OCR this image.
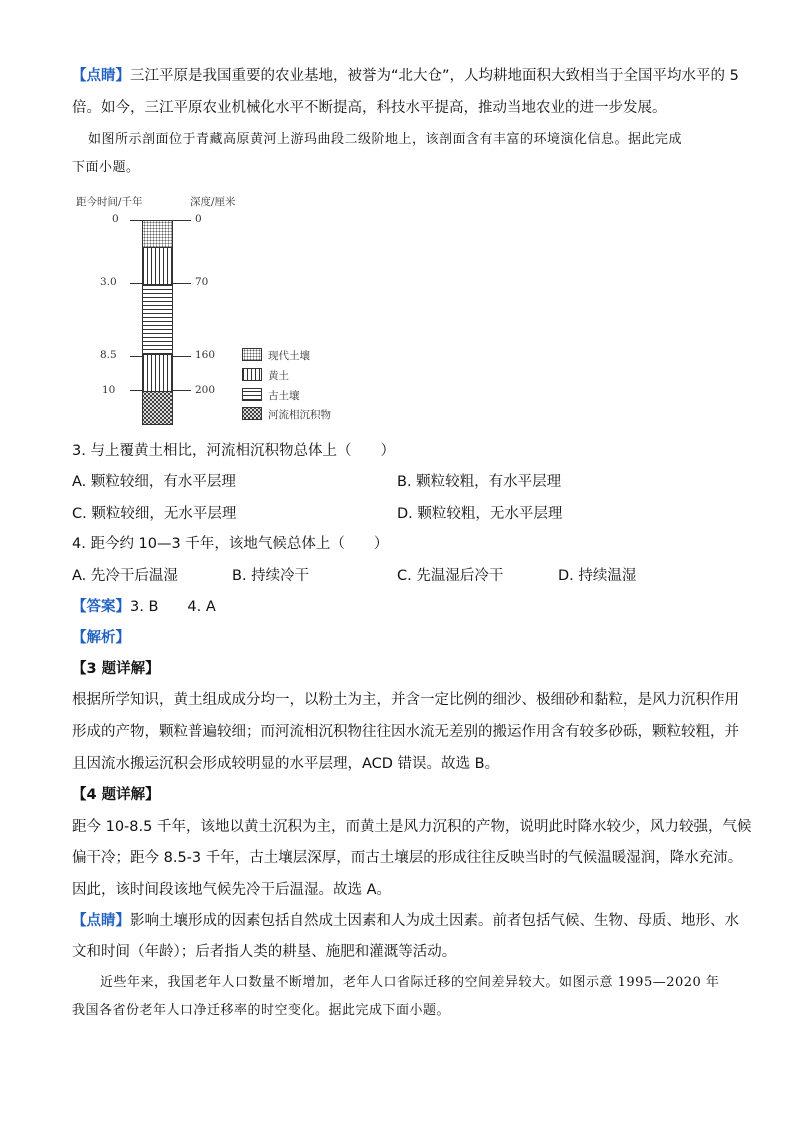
【点睛】三江平原是我国重要的农业基地，被誉为“北大仓”，人均耕地面积大致相当于全国平均水平的 5
倍。如今，三江平原农业机械化水平不断提高，科技水平提高，推动当地农业的进一步发展。
如图所示剖面位于青藏高原黄河上游玛曲段二级阶地上，该剖面含有丰富的环境演化信息。据此完成
下面小题。
距今时间/千年	深度/厘米
0
3.0
8.5
10
0
70
160
200
现代土壤
黄土
古土壤
河流相沉积物
3. 与上覆黄土相比，河流相沉积物总体上（　　）
A. 颗粒较细，有水平层理	B. 颗粒较粗，有水平层理
C. 颗粒较细，无水平层理	D. 颗粒较粗，无水平层理
4. 距今约 10—3 千年，该地气候总体上（　　）
A. 先冷干后温湿	B. 持续冷干	C. 先温湿后冷干	D. 持续温湿
【答案】3. B　　4. A
【解析】
【3 题详解】
根据所学知识，黄土组成成分均一，以粉土为主，并含一定比例的细沙、极细砂和黏粒，是风力沉积作用
形成的产物，颗粒普遍较细；而河流相沉积物往往因水流无差别的搬运作用含有较多砂砾，颗粒较粗，并
且因流水搬运沉积会形成较明显的水平层理，ACD 错误。故选 B。
【4 题详解】
距今 10-8.5 千年，该地以黄土沉积为主，而黄土是风力沉积的产物，说明此时降水较少，风力较强，气候
偏干冷；距今 8.5-3 千年，古土壤层深厚，而古土壤层的形成往往反映当时的气候温暖湿润，降水充沛。
因此，该时间段该地气候先冷干后温湿。故选 A。
【点睛】影响土壤形成的因素包括自然成土因素和人为成土因素。前者包括气候、生物、母质、地形、水
文和时间（年龄）；后者指人类的耕垦、施肥和灌溉等活动。
近些年来，我国老年人口数量不断增加，老年人口省际迁移的空间差异较大。如图示意 1995—2020 年
我国各省份老年人口净迁移率的时空变化。据此完成下面小题。
